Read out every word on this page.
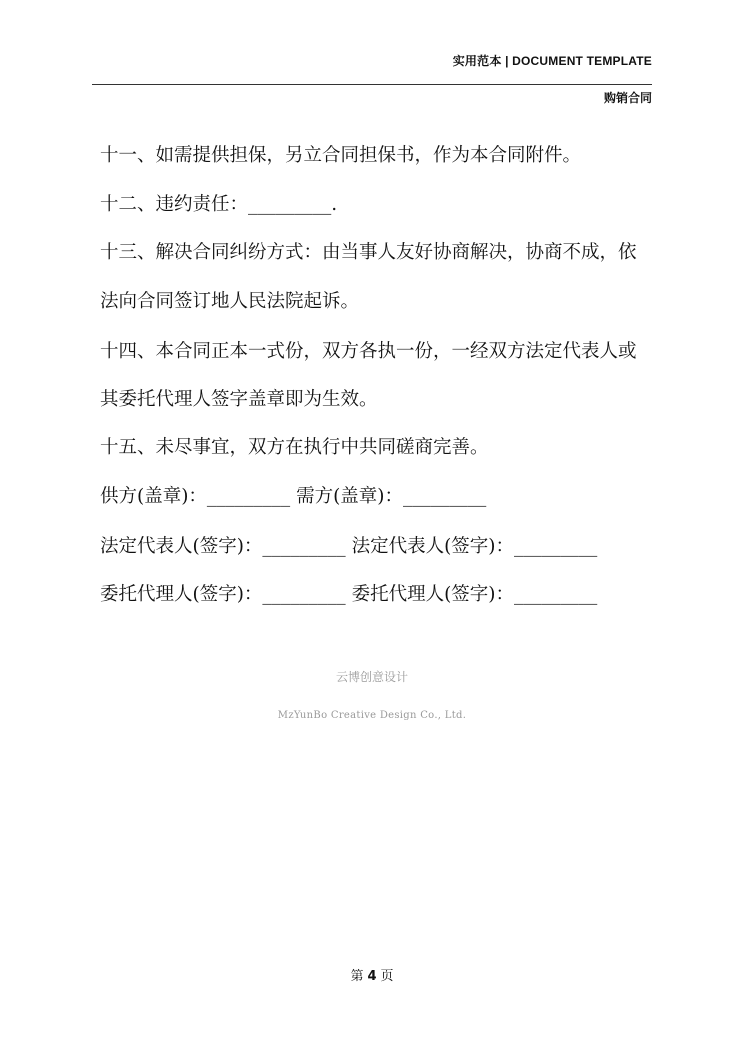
实用范本 | DOCUMENT TEMPLATE
购销合同
十一、如需提供担保，另立合同担保书，作为本合同附件。
十二、违约责任：_________.
十三、解决合同纠纷方式：由当事人友好协商解决，协商不成，依
法向合同签订地人民法院起诉。
十四、本合同正本一式份，双方各执一份，一经双方法定代表人或
其委托代理人签字盖章即为生效。
十五、未尽事宜，双方在执行中共同磋商完善。
供方(盖章)：_________ 需方(盖章)：_________
法定代表人(签字)：_________ 法定代表人(签字)：_________
委托代理人(签字)：_________ 委托代理人(签字)：_________
云博创意设计
MzYunBo Creative Design Co., Ltd.
第 4 页
